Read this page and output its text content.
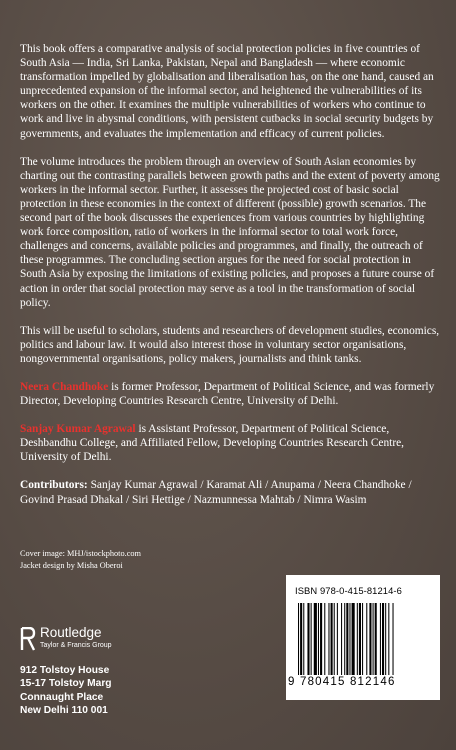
This book offers a comparative analysis of social protection policies in five countries of South Asia — India, Sri Lanka, Pakistan, Nepal and Bangladesh — where economic transformation impelled by globalisation and liberalisation has, on the one hand, caused an unprecedented expansion of the informal sector, and heightened the vulnerabilities of its workers on the other. It examines the multiple vulnerabilities of workers who continue to work and live in abysmal conditions, with persistent cutbacks in social security budgets by governments, and evaluates the implementation and efficacy of current policies.

The volume introduces the problem through an overview of South Asian economies by charting out the contrasting parallels between growth paths and the extent of poverty among workers in the informal sector. Further, it assesses the projected cost of basic social protection in these economies in the context of different (possible) growth scenarios. The second part of the book discusses the experiences from various countries by highlighting work force composition, ratio of workers in the informal sector to total work force, challenges and concerns, available policies and programmes, and finally, the outreach of these programmes. The concluding section argues for the need for social protection in South Asia by exposing the limitations of existing policies, and proposes a future course of action in order that social protection may serve as a tool in the transformation of social policy.

This will be useful to scholars, students and researchers of development studies, economics, politics and labour law. It would also interest those in voluntary sector organisations, nongovernmental organisations, policy makers, journalists and think tanks.

Neera Chandhoke is former Professor, Department of Political Science, and was formerly Director, Developing Countries Research Centre, University of Delhi.

Sanjay Kumar Agrawal is Assistant Professor, Department of Political Science, Deshbandhu College, and Affiliated Fellow, Developing Countries Research Centre, University of Delhi.

Contributors: Sanjay Kumar Agrawal / Karamat Ali / Anupama / Neera Chandhoke / Govind Prasad Dhakal / Siri Hettige / Nazmunnessa Mahtab / Nimra Wasim

Cover image: MHJ/istockphoto.com
Jacket design by Misha Oberoi
ISBN 978-0-415-81214-6
9 780415 812146
Routledge
Taylor & Francis Group
912 Tolstoy House
15-17 Tolstoy Marg
Connaught Place
New Delhi 110 001
